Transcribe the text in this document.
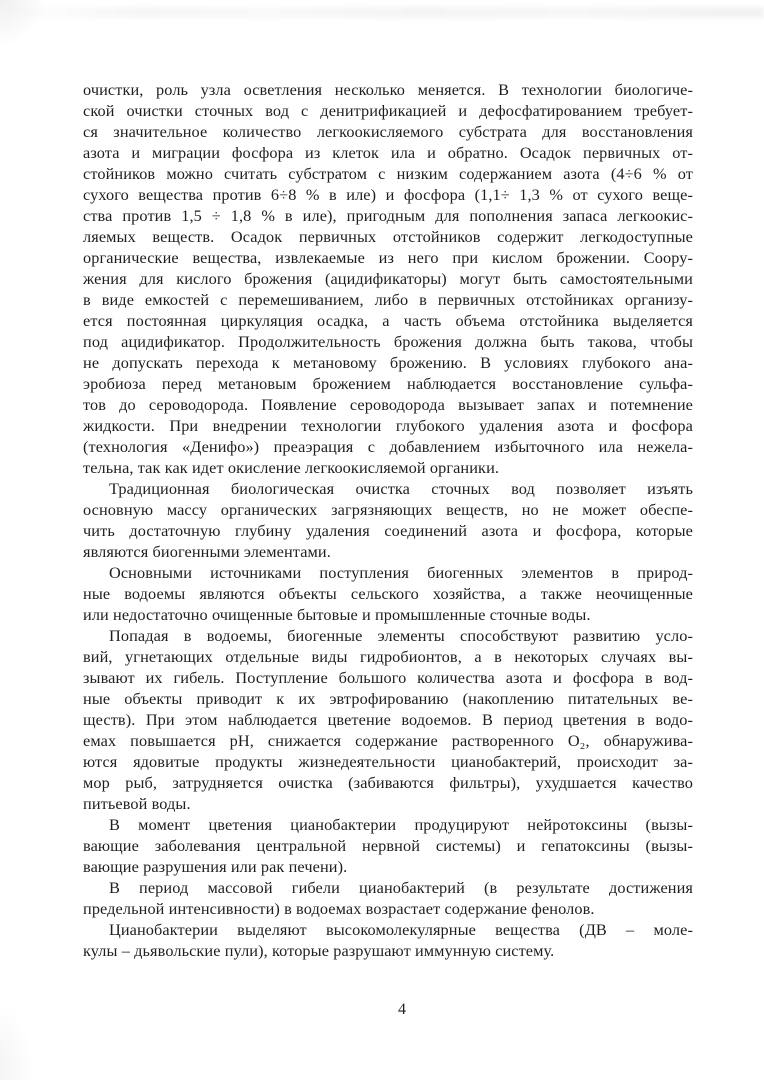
очистки, роль узла осветления несколько меняется. В технологии биологиче-
ской очистки сточных вод с денитрификацией и дефосфатированием требует-
ся значительное количество легкоокисляемого субстрата для восстановления
азота и миграции фосфора из клеток ила и обратно. Осадок первичных от-
стойников можно считать субстратом с низким содержанием азота (4÷6 % от
сухого вещества против 6÷8 % в иле) и фосфора (1,1÷ 1,3 % от сухого веще-
ства против 1,5 ÷ 1,8 % в иле), пригодным для пополнения запаса легкоокис-
ляемых веществ. Осадок первичных отстойников содержит легкодоступные
органические вещества, извлекаемые из него при кислом брожении. Соору-
жения для кислого брожения (ацидификаторы) могут быть самостоятельными
в виде емкостей с перемешиванием, либо в первичных отстойниках организу-
ется постоянная циркуляция осадка, а часть объема отстойника выделяется
под ацидификатор. Продолжительность брожения должна быть такова, чтобы
не допускать перехода к метановому брожению. В условиях глубокого ана-
эробиоза перед метановым брожением наблюдается восстановление сульфа-
тов до сероводорода. Появление сероводорода вызывает запах и потемнение
жидкости. При внедрении технологии глубокого удаления азота и фосфора
(технология «Денифо») преаэрация с добавлением избыточного ила нежела-
тельна, так как идет окисление легкоокисляемой органики.
Традиционная биологическая очистка сточных вод позволяет изъять
основную массу органических загрязняющих веществ, но не может обеспе-
чить достаточную глубину удаления соединений азота и фосфора, которые
являются биогенными элементами.
Основными источниками поступления биогенных элементов в природ-
ные водоемы являются объекты сельского хозяйства, а также неочищенные
или недостаточно очищенные бытовые и промышленные сточные воды.
Попадая в водоемы, биогенные элементы способствуют развитию усло-
вий, угнетающих отдельные виды гидробионтов, а в некоторых случаях вы-
зывают их гибель. Поступление большого количества азота и фосфора в вод-
ные объекты приводит к их эвтрофированию (накоплению питательных ве-
ществ). При этом наблюдается цветение водоемов. В период цветения в водо-
емах повышается pH, снижается содержание растворенного O₂, обнаружива-
ются ядовитые продукты жизнедеятельности цианобактерий, происходит за-
мор рыб, затрудняется очистка (забиваются фильтры), ухудшается качество
питьевой воды.
В момент цветения цианобактерии продуцируют нейротоксины (вызы-
вающие заболевания центральной нервной системы) и гепатоксины (вызы-
вающие разрушения или рак печени).
В период массовой гибели цианобактерий (в результате достижения
предельной интенсивности) в водоемах возрастает содержание фенолов.
Цианобактерии выделяют высокомолекулярные вещества (ДВ – моле-
кулы – дьявольские пули), которые разрушают иммунную систему.
4
